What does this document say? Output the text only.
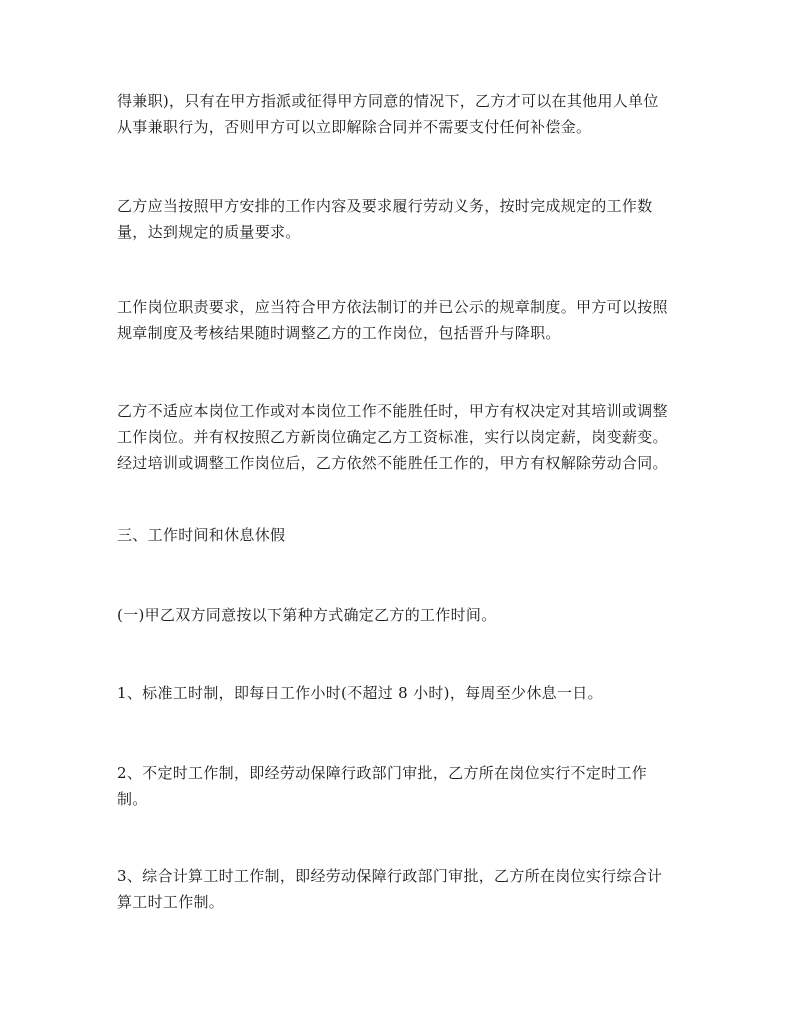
得兼职)，只有在甲方指派或征得甲方同意的情况下，乙方才可以在其他用人单位
从事兼职行为，否则甲方可以立即解除合同并不需要支付任何补偿金。

乙方应当按照甲方安排的工作内容及要求履行劳动义务，按时完成规定的工作数
量，达到规定的质量要求。

工作岗位职责要求，应当符合甲方依法制订的并已公示的规章制度。甲方可以按照
规章制度及考核结果随时调整乙方的工作岗位，包括晋升与降职。

乙方不适应本岗位工作或对本岗位工作不能胜任时，甲方有权决定对其培训或调整
工作岗位。并有权按照乙方新岗位确定乙方工资标准，实行以岗定薪，岗变薪变。
经过培训或调整工作岗位后，乙方依然不能胜任工作的，甲方有权解除劳动合同。

三、工作时间和休息休假

(一)甲乙双方同意按以下第种方式确定乙方的工作时间。

1、标准工时制，即每日工作小时(不超过 8 小时)，每周至少休息一日。

2、不定时工作制，即经劳动保障行政部门审批，乙方所在岗位实行不定时工作
制。

3、综合计算工时工作制，即经劳动保障行政部门审批，乙方所在岗位实行综合计
算工时工作制。
